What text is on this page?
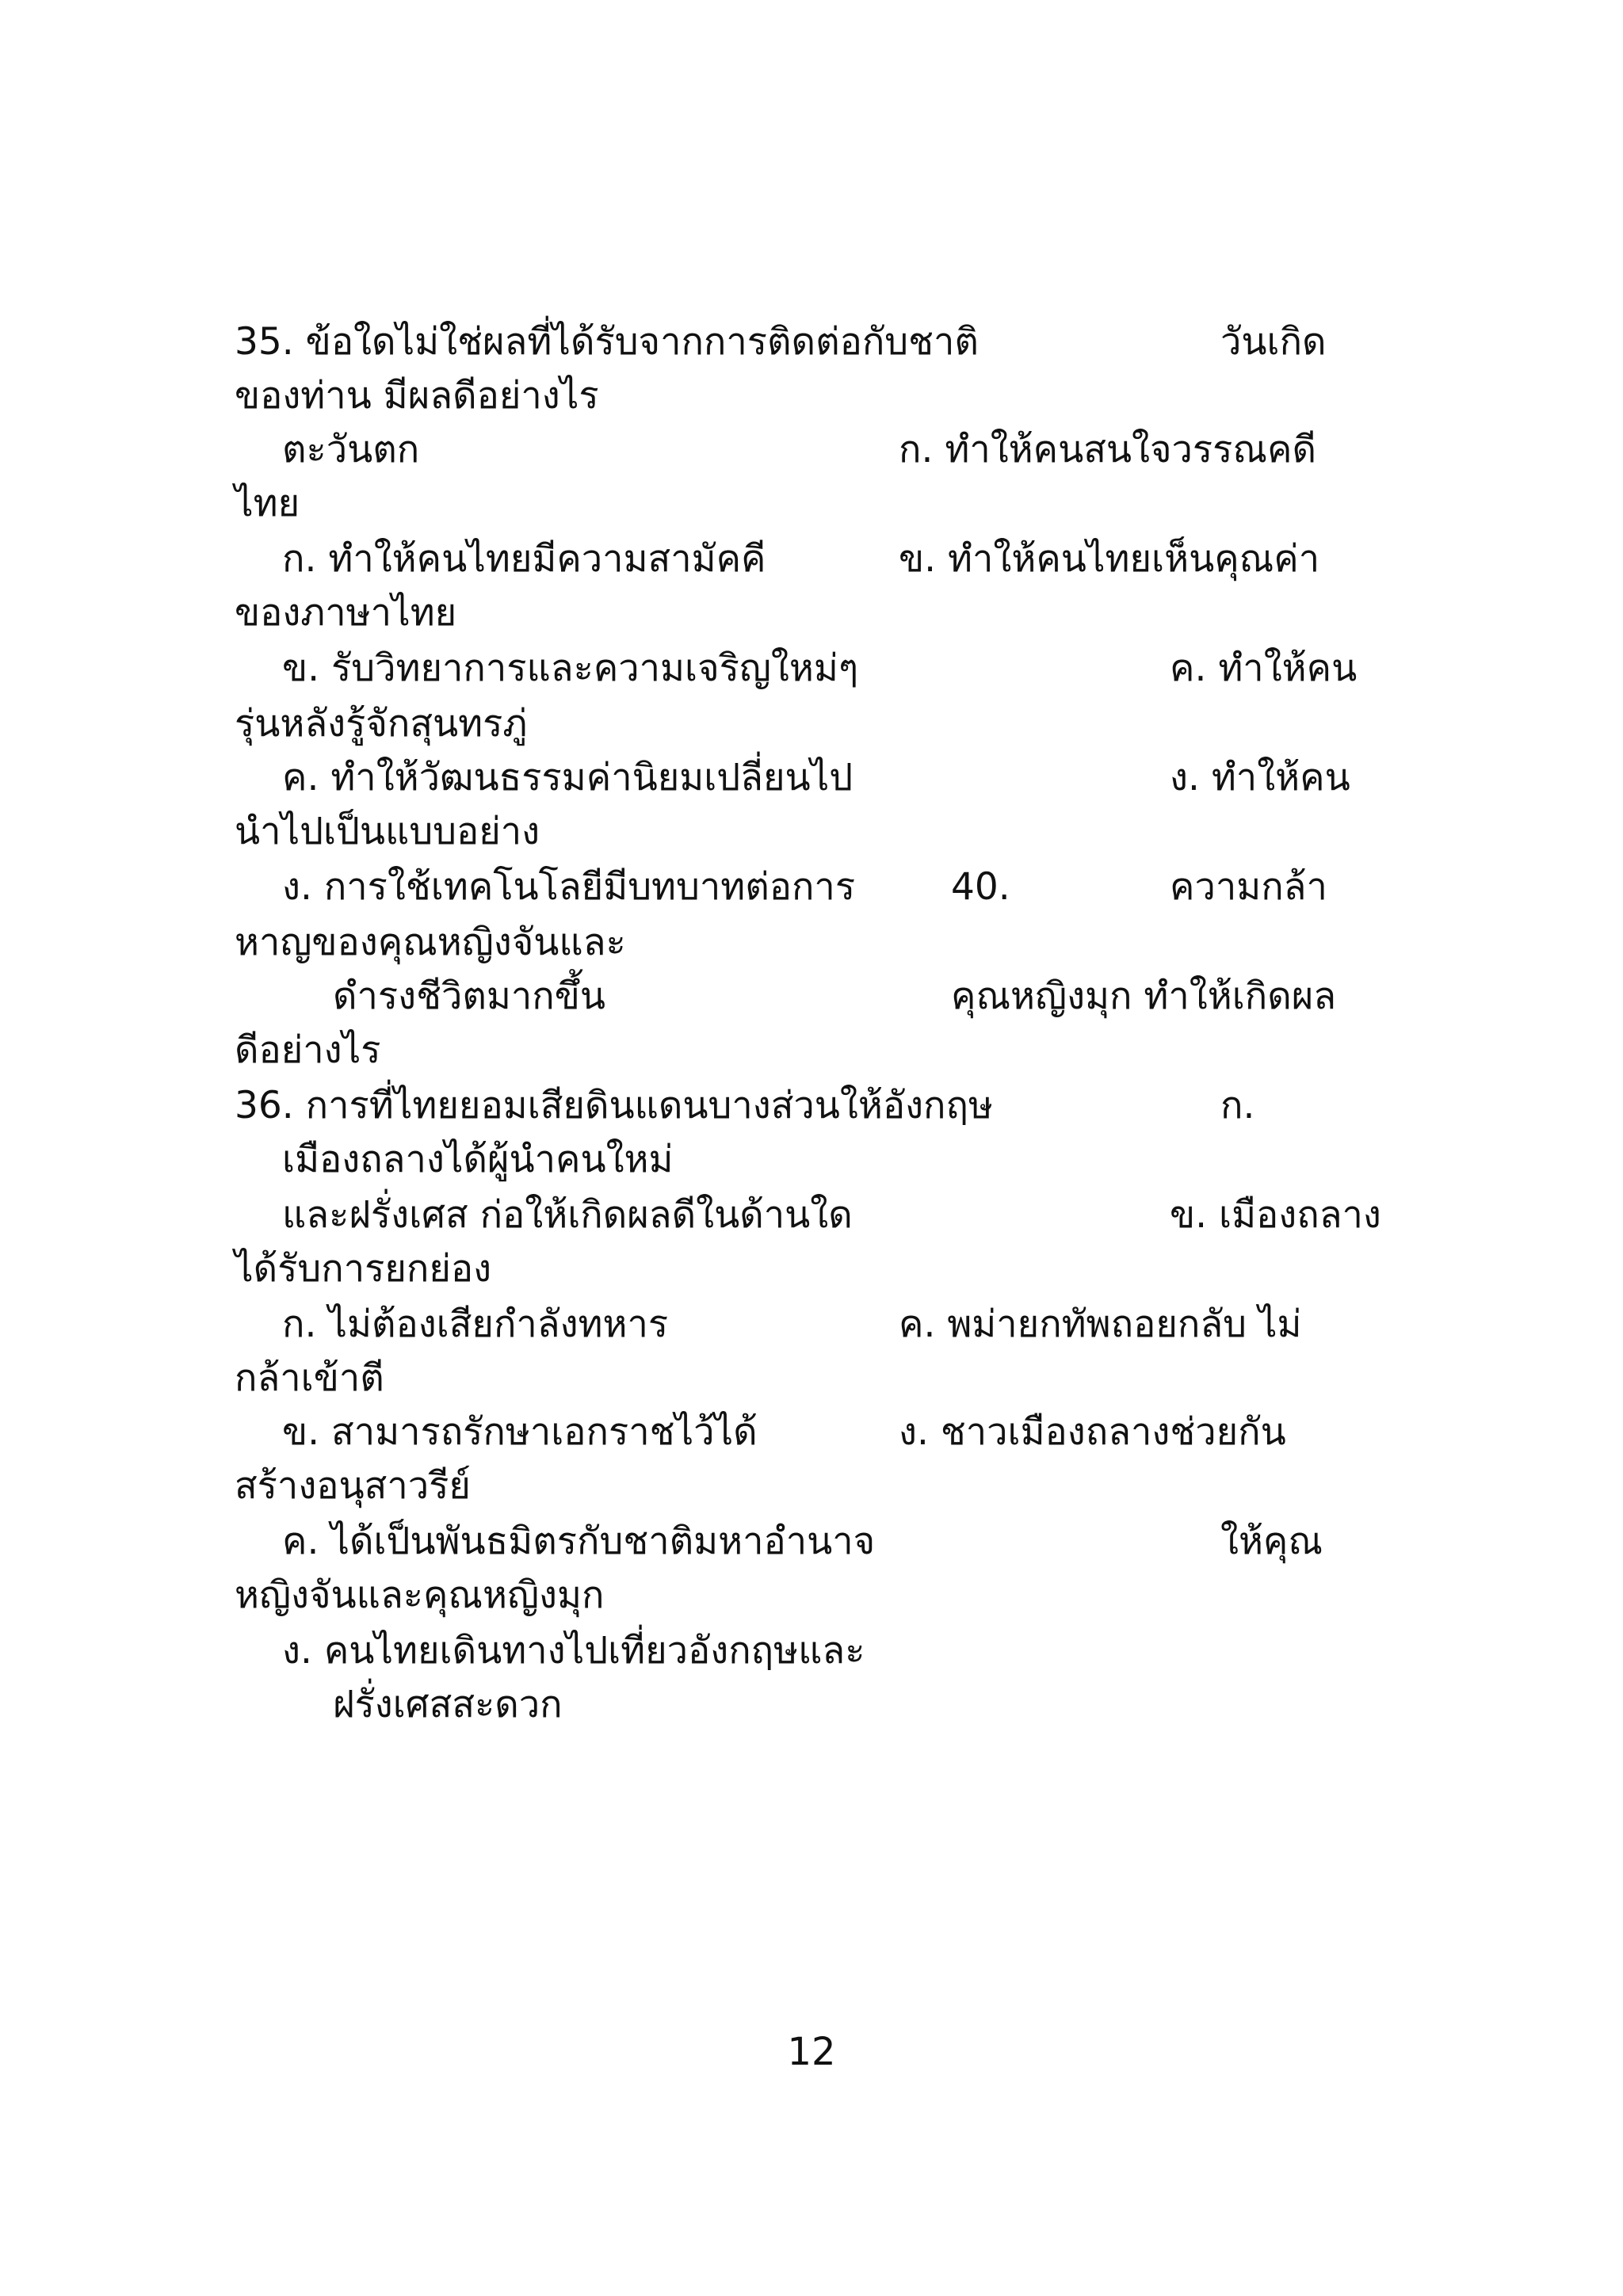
35. ข้อใดไม่ใช่ผลที่ได้รับจากการติดต่อกับชาติ	วันเกิด
ของท่าน มีผลดีอย่างไร
ตะวันตก	ก. ทำให้คนสนใจวรรณคดี
ไทย
ก. ทำให้คนไทยมีความสามัคคี	ข. ทำให้คนไทยเห็นคุณค่า
ของภาษาไทย
ข. รับวิทยาการและความเจริญใหม่ๆ	ค. ทำให้คน
รุ่นหลังรู้จักสุนทรภู่
ค. ทำให้วัฒนธรรมค่านิยมเปลี่ยนไป	ง. ทำให้คน
นำไปเป็นแบบอย่าง
ง. การใช้เทคโนโลยีมีบทบาทต่อการ	40.	ความกล้า
หาญของคุณหญิงจันและ
ดำรงชีวิตมากขึ้น	คุณหญิงมุก ทำให้เกิดผล
ดีอย่างไร
36. การที่ไทยยอมเสียดินแดนบางส่วนให้อังกฤษ	ก.
เมืองถลางได้ผู้นำคนใหม่
และฝรั่งเศส ก่อให้เกิดผลดีในด้านใด	ข. เมืองถลาง
ได้รับการยกย่อง
ก. ไม่ต้องเสียกำลังทหาร	ค. พม่ายกทัพถอยกลับ ไม่
กล้าเข้าตี
ข. สามารถรักษาเอกราชไว้ได้	ง. ชาวเมืองถลางช่วยกัน
สร้างอนุสาวรีย์
ค. ได้เป็นพันธมิตรกับชาติมหาอำนาจ	ให้คุณ
หญิงจันและคุณหญิงมุก
ง. คนไทยเดินทางไปเที่ยวอังกฤษและ
ฝรั่งเศสสะดวก
12
